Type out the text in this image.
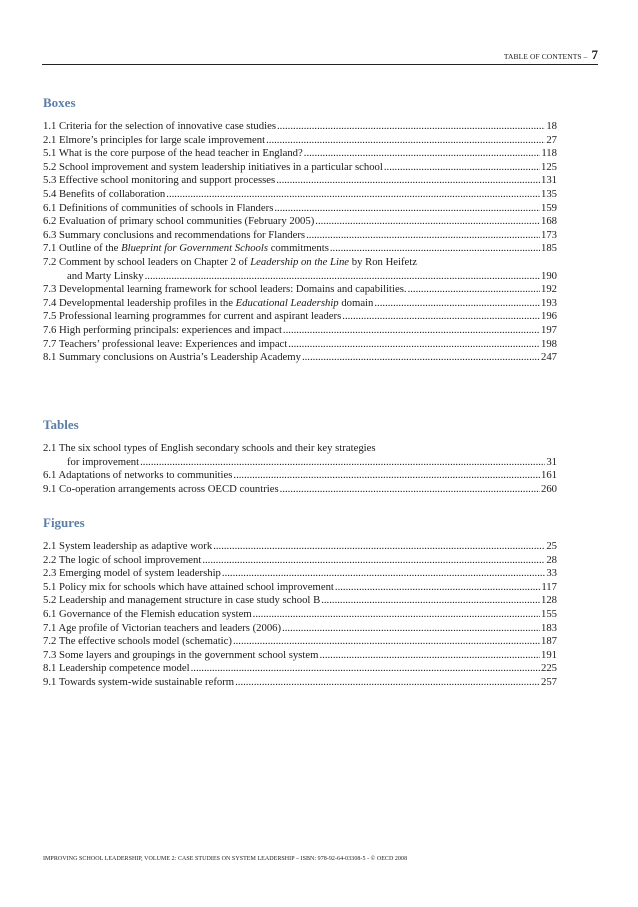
TABLE OF CONTENTS – 7
Boxes
1.1 Criteria for the selection of innovative case studies .....	18
2.1 Elmore’s principles for large scale improvement .....	27
5.1 What is the core purpose of the head teacher in England? .....	118
5.2 School improvement and system leadership initiatives in a particular school .....	125
5.3 Effective school monitoring and support processes .....	131
5.4 Benefits of collaboration .....	135
6.1 Definitions of communities of schools in Flanders .....	159
6.2 Evaluation of primary school communities (February 2005) .....	168
6.3 Summary conclusions and recommendations for Flanders .....	173
7.1 Outline of the Blueprint for Government Schools commitments .....	185
7.2 Comment by school leaders on Chapter 2 of Leadership on the Line by Ron Heifetz
and Marty Linsky .....	190
7.3 Developmental learning framework for school leaders: Domains and capabilities. .....	192
7.4 Developmental leadership profiles in the Educational Leadership domain .....	193
7.5 Professional learning programmes for current and aspirant leaders .....	196
7.6 High performing principals: experiences and impact .....	197
7.7 Teachers’ professional leave: Experiences and impact .....	198
8.1 Summary conclusions on Austria’s Leadership Academy .....	247
Tables
2.1 The six school types of English secondary schools and their key strategies
for improvement .....	31
6.1 Adaptations of networks to communities .....	161
9.1 Co-operation arrangements across OECD countries .....	260
Figures
2.1 System leadership as adaptive work .....	25
2.2 The logic of school improvement .....	28
2.3 Emerging model of system leadership .....	33
5.1 Policy mix for schools which have attained school improvement .....	117
5.2 Leadership and management structure in case study school B .....	128
6.1 Governance of the Flemish education system .....	155
7.1 Age profile of Victorian teachers and leaders (2006) .....	183
7.2 The effective schools model (schematic) .....	187
7.3 Some layers and groupings in the government school system .....	191
8.1 Leadership competence model .....	225
9.1 Towards system-wide sustainable reform .....	257
IMPROVING SCHOOL LEADERSHIP, VOLUME 2: CASE STUDIES ON SYSTEM LEADERSHIP – ISBN: 978-92-64-03308-5 - © OECD 2008
